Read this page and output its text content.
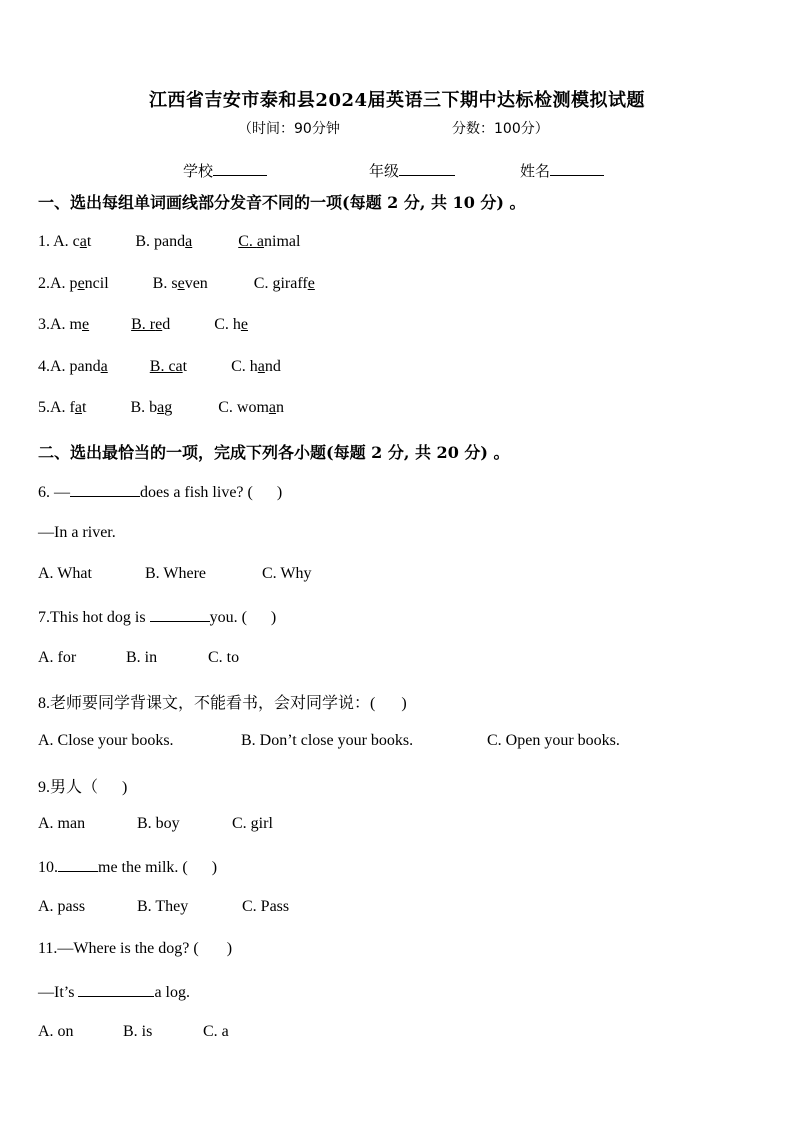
江西省吉安市泰和县2024届英语三下期中达标检测模拟试题
（时间：90分钟	分数：100分）
学校	年级	姓名
一、选出每组单词画线部分发音不同的一项(每题 2 分, 共 10 分) 。
1. A. cat	B. panda	C. animal
2.A. pencil	B. seven	C. giraffe
3.A. me	B. red	C. he
4.A. panda	B. cat	C. hand
5.A. fat	B. bag	C. woman
二、选出最恰当的一项，完成下列各小题(每题 2 分, 共 20 分) 。
6. —	does a fish live? ( )
—In a river.
A. What	B. Where	C. Why
7.This hot dog is	you. ( )
A. for	B. in	C. to
8.老师要同学背课文，不能看书，会对同学说：( )
A. Close your books.	B. Don’t close your books.	C. Open your books.
9.男人（ )
A. man	B. boy	C. girl
10.	me the milk. ( )
A. pass	B. They	C. Pass
11.—Where is the dog? ( )
—It’s	a log.
A. on	B. is	C. a
